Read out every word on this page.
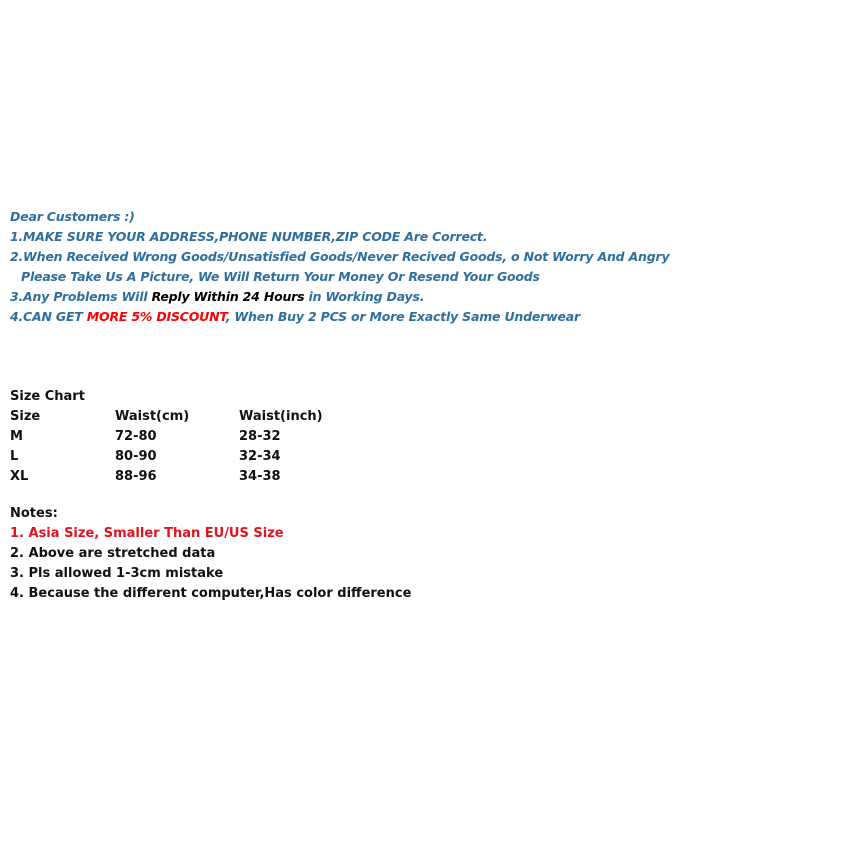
Dear Customers :)
1.MAKE SURE YOUR ADDRESS,PHONE NUMBER,ZIP CODE Are Correct.
2.When Received Wrong Goods/Unsatisfied Goods/Never Recived Goods, o Not Worry And Angry
Please Take Us A Picture, We Will Return Your Money Or Resend Your Goods
3.Any Problems Will Reply Within 24 Hours in Working Days.
4.CAN GET MORE 5% DISCOUNT, When Buy 2 PCS or More Exactly Same Underwear
Size Chart
Size	Waist(cm)	Waist(inch)
M	72-80	28-32
L	80-90	32-34
XL	88-96	34-38
Notes:
1. Asia Size, Smaller Than EU/US Size
2. Above are stretched data
3. Pls allowed 1-3cm mistake
4. Because the different computer,Has color difference
